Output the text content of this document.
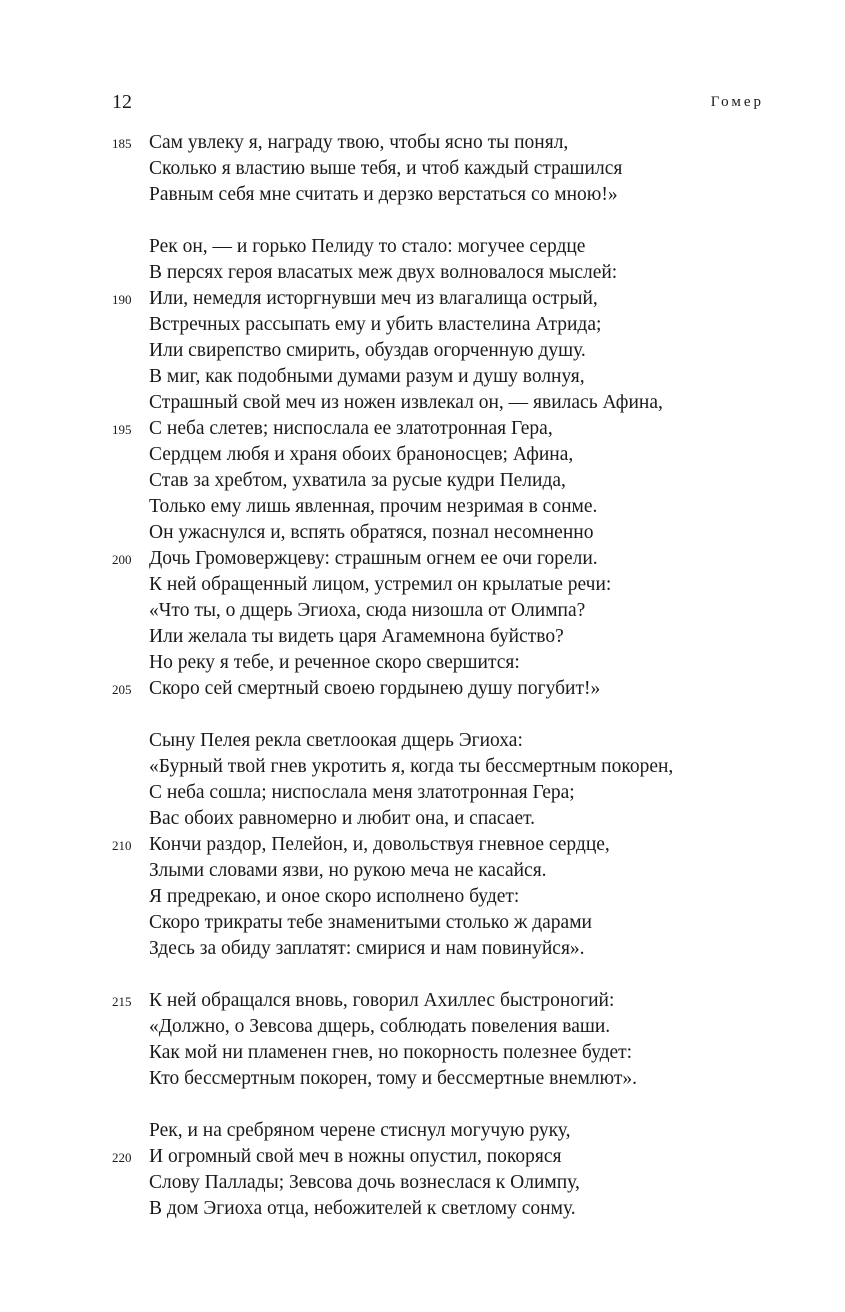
12	Гомер
185 Сам увлеку я, награду твою, чтобы ясно ты понял,
Сколько я властию выше тебя, и чтоб каждый страшился
Равным себя мне считать и дерзко верстаться со мною!»
Рек он, — и горько Пелиду то стало: могучее сердце
В персях героя власатых меж двух волновалося мыслей:
190 Или, немедля исторгнувши меч из влагалища острый,
Встречных рассыпать ему и убить властелина Атрида;
Или свирепство смирить, обуздав огорченную душу.
В миг, как подобными думами разум и душу волнуя,
Страшный свой меч из ножен извлекал он, — явилась Афина,
195 С неба слетев; ниспослала ее златотронная Гера,
Сердцем любя и храня обоих браноносцев; Афина,
Став за хребтом, ухватила за русые кудри Пелида,
Только ему лишь явленная, прочим незримая в сонме.
Он ужаснулся и, вспять обратяся, познал несомненно
200 Дочь Громовержцеву: страшным огнем ее очи горели.
К ней обращенный лицом, устремил он крылатые речи:
«Что ты, о дщерь Эгиоха, сюда низошла от Олимпа?
Или желала ты видеть царя Агамемнона буйство?
Но реку я тебе, и реченное скоро свершится:
205 Скоро сей смертный своею гордынею душу погубит!»
Сыну Пелея рекла светлоокая дщерь Эгиоха:
«Бурный твой гнев укротить я, когда ты бессмертным покорен,
С неба сошла; ниспослала меня златотронная Гера;
Вас обоих равномерно и любит она, и спасает.
210 Кончи раздор, Пелейон, и, довольствуя гневное сердце,
Злыми словами язви, но рукою меча не касайся.
Я предрекаю, и оное скоро исполнено будет:
Скоро трикраты тебе знаменитыми столько ж дарами
Здесь за обиду заплатят: смирися и нам повинуйся».
215 К ней обращался вновь, говорил Ахиллес быстроногий:
«Должно, о Зевсова дщерь, соблюдать повеления ваши.
Как мой ни пламенен гнев, но покорность полезнее будет:
Кто бессмертным покорен, тому и бессмертные внемлют».
Рек, и на сребряном черене стиснул могучую руку,
220 И огромный свой меч в ножны опустил, покоряся
Слову Паллады; Зевсова дочь вознеслася к Олимпу,
В дом Эгиоха отца, небожителей к светлому сонму.
